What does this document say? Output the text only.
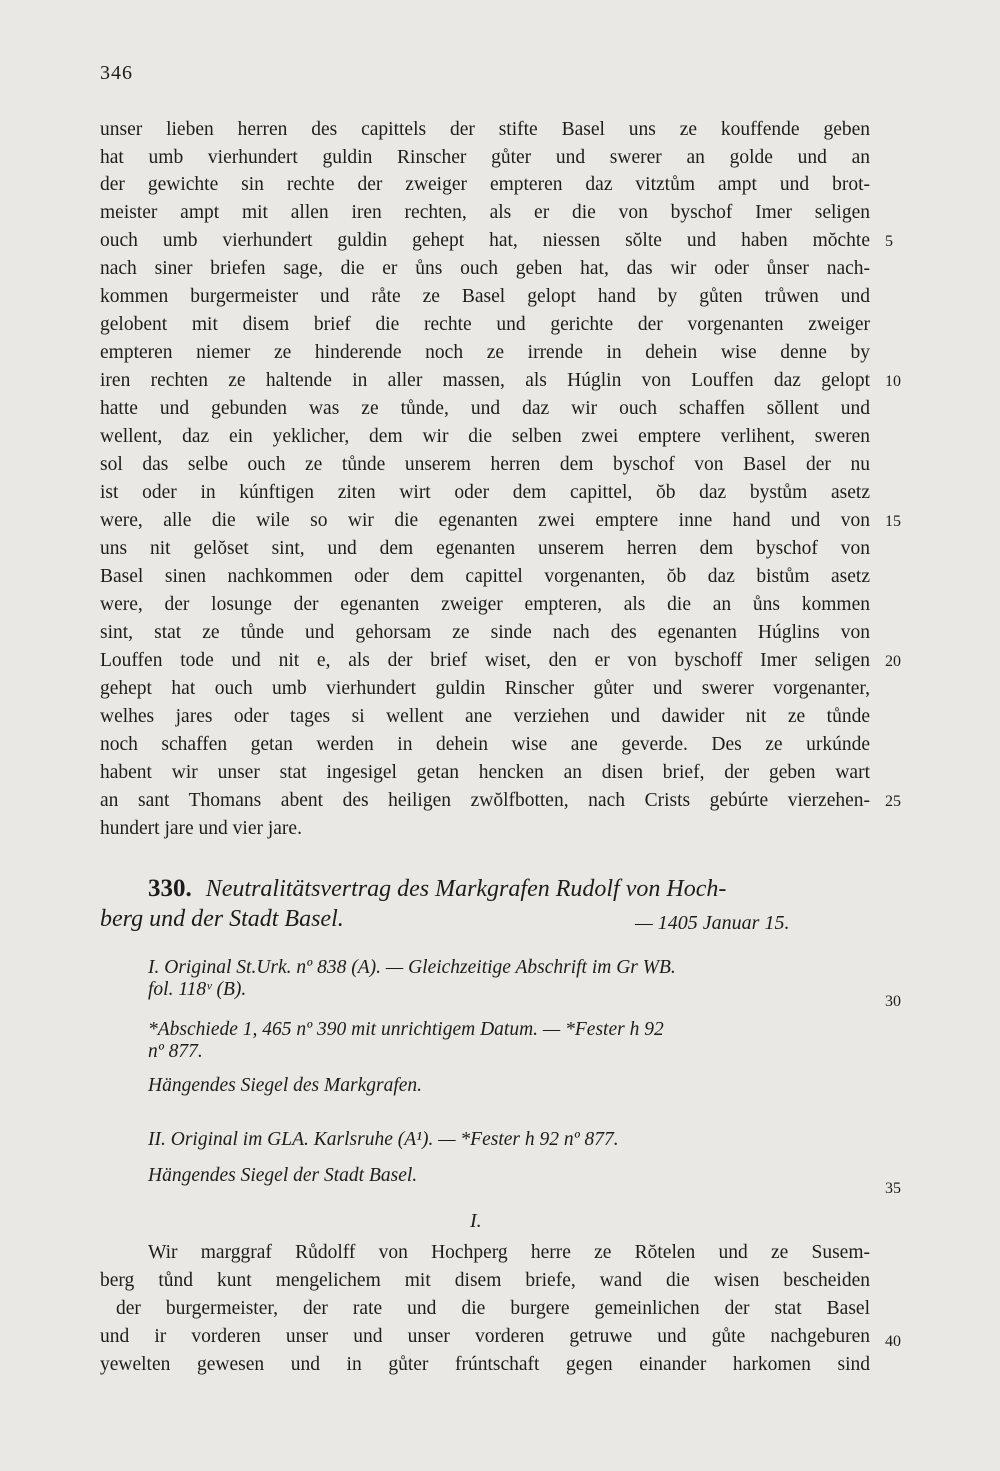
346
unser lieben herren des capittels der stifte Basel uns ze kouffende geben
hat umb vierhundert guldin Rinscher gůter und swerer an golde und an
der gewichte sin rechte der zweiger empteren daz vitztům ampt und brot-
meister ampt mit allen iren rechten, als er die von byschof Imer seligen
ouch umb vierhundert guldin gehept hat, niessen sŏlte und haben mŏchte
nach siner briefen sage, die er ůns ouch geben hat, das wir oder ůnser nach-
kommen burgermeister und råte ze Basel gelopt hand by gůten trůwen und
gelobent mit disem brief die rechte und gerichte der vorgenanten zweiger
empteren niemer ze hinderende noch ze irrende in dehein wise denne by
iren rechten ze haltende in aller massen, als Húglin von Louffen daz gelopt
hatte und gebunden was ze tůnde, und daz wir ouch schaffen sŏllent und
wellent, daz ein yeklicher, dem wir die selben zwei emptere verlihent, sweren
sol das selbe ouch ze tůnde unserem herren dem byschof von Basel der nu
ist oder in kúnftigen ziten wirt oder dem capittel, ŏb daz bystům asetz
were, alle die wile so wir die egenanten zwei emptere inne hand und von
uns nit gelŏset sint, und dem egenanten unserem herren dem byschof von
Basel sinen nachkommen oder dem capittel vorgenanten, ŏb daz bistům asetz
were, der losunge der egenanten zweiger empteren, als die an ůns kommen
sint, stat ze tůnde und gehorsam ze sinde nach des egenanten Húglins von
Louffen tode und nit e, als der brief wiset, den er von byschoff Imer seligen
gehept hat ouch umb vierhundert guldin Rinscher gůter und swerer vorgenanter,
welhes jares oder tages si wellent ane verziehen und dawider nit ze tůnde
noch schaffen getan werden in dehein wise ane geverde. Des ze urkúnde
habent wir unser stat ingesigel getan hencken an disen brief, der geben wart
an sant Thomans abent des heiligen zwŏlfbotten, nach Crists gebúrte vierzehen-
hundert jare und vier jare.
5
10
15
20
25
330. Neutralitätsvertrag des Markgrafen Rudolf von Hoch-
berg und der Stadt Basel.	— 1405 Januar 15.
I. Original St.Urk. nº 838 (A). — Gleichzeitige Abschrift im Gr WB.
fol. 118ᵛ (B).
*Abschiede 1, 465 nº 390 mit unrichtigem Datum. — *Fester h 92
nº 877.
Hängendes Siegel des Markgrafen.
II. Original im GLA. Karlsruhe (A¹). — *Fester h 92 nº 877.
Hängendes Siegel der Stadt Basel.
30
35
I.
Wir marggraf Růdolff von Hochperg herre ze Rŏtelen und ze Susem-
berg tůnd kunt mengelichem mit disem briefe, wand die wisen bescheiden
der burgermeister, der rate und die burgere gemeinlichen der stat Basel
und ir vorderen unser und unser vorderen getruwe und gůte nachgeburen
yewelten gewesen und in gůter frúntschaft gegen einander harkomen sind
40
